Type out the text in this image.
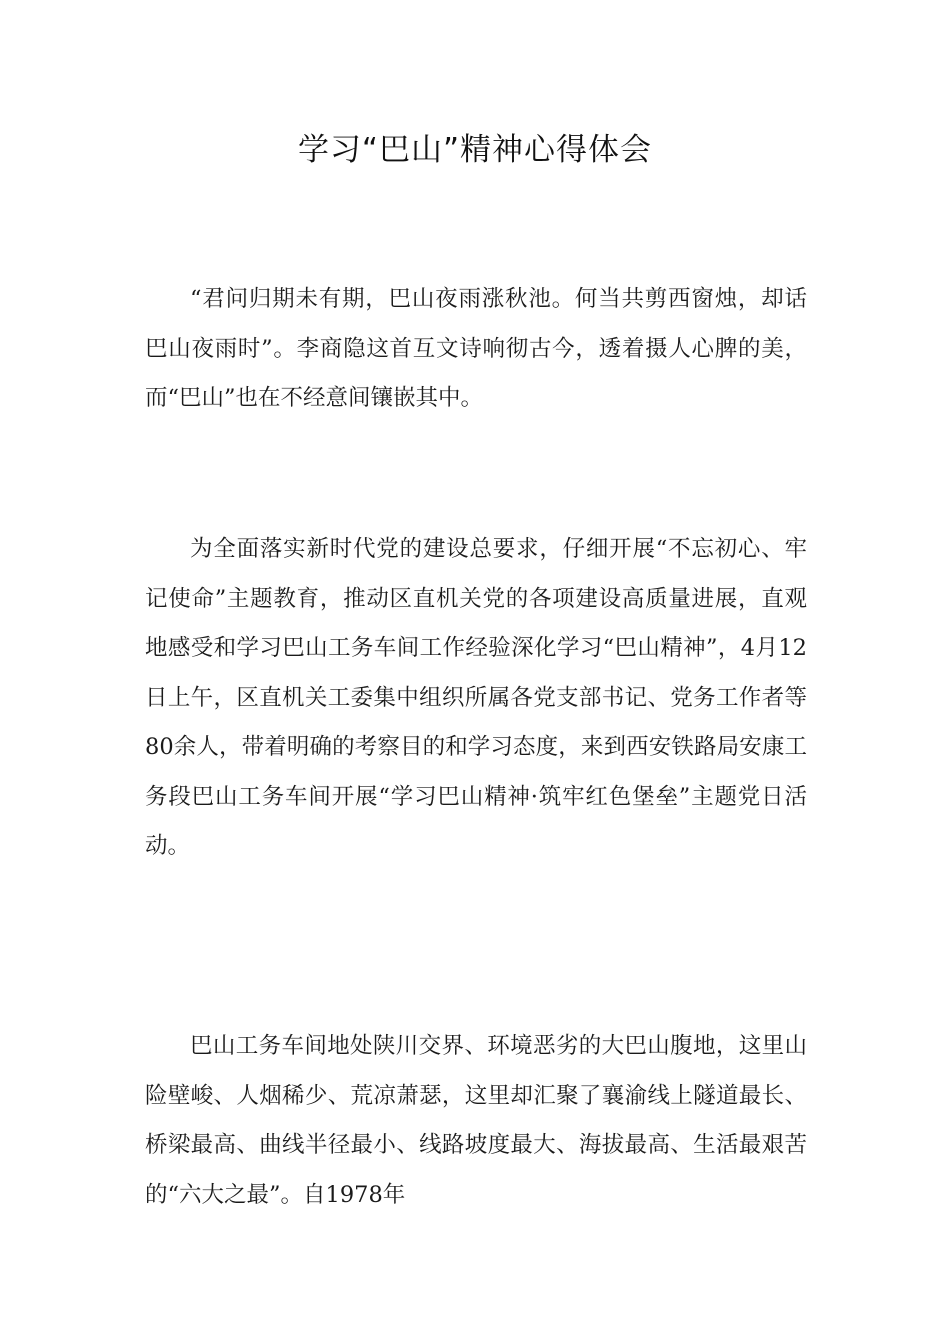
学习“巴山”精神心得体会

“君问归期未有期，巴山夜雨涨秋池。何当共剪西窗烛，却话巴山夜雨时”。李商隐这首互文诗响彻古今，透着摄人心脾的美，而“巴山”也在不经意间镶嵌其中。

为全面落实新时代党的建设总要求，仔细开展“不忘初心、牢记使命”主题教育，推动区直机关党的各项建设高质量进展，直观地感受和学习巴山工务车间工作经验深化学习“巴山精神”，4月12日上午，区直机关工委集中组织所属各党支部书记、党务工作者等80余人，带着明确的考察目的和学习态度，来到西安铁路局安康工务段巴山工务车间开展“学习巴山精神·筑牢红色堡垒”主题党日活动。

巴山工务车间地处陕川交界、环境恶劣的大巴山腹地，这里山险壁峻、人烟稀少、荒凉萧瑟，这里却汇聚了襄渝线上隧道最长、桥梁最高、曲线半径最小、线路坡度最大、海拔最高、生活最艰苦的“六大之最”。自1978年
